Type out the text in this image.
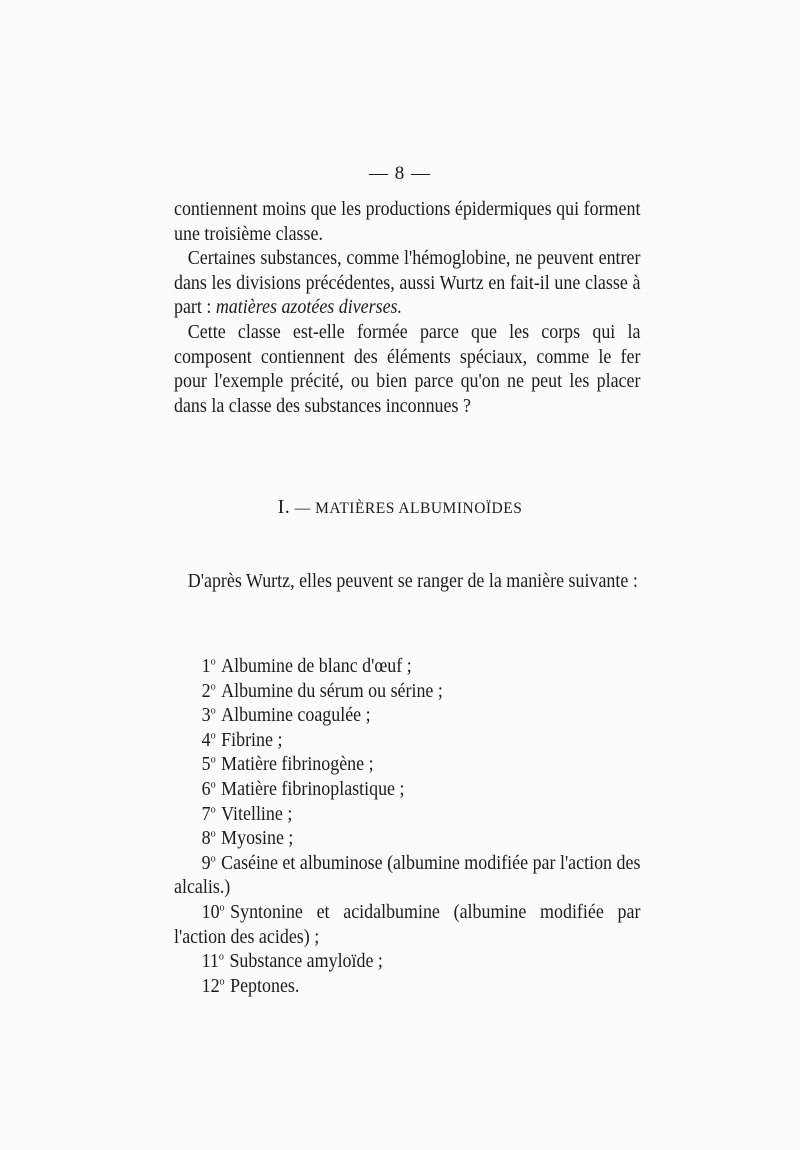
— 8 —

contiennent moins que les productions épidermiques qui forment une troisième classe.

Certaines substances, comme l'hémoglobine, ne peuvent entrer dans les divisions précédentes, aussi Wurtz en fait-il une classe à part : matières azotées diverses.

Cette classe est-elle formée parce que les corps qui la composent contiennent des éléments spéciaux, comme le fer pour l'exemple précité, ou bien parce qu'on ne peut les placer dans la classe des substances inconnues ?

I. — MATIÈRES ALBUMINOÏDES

D'après Wurtz, elles peuvent se ranger de la manière suivante :

1$^o$ Albumine de blanc d'œuf ;

2$^o$ Albumine du sérum ou sérine ;

3$^o$ Albumine coagulée ;

4$^o$ Fibrine ;

5$^o$ Matière fibrinogène ;

6$^o$ Matière fibrinoplastique ;

7$^o$ Vitelline ;

8$^o$ Myosine ;

9$^o$ Caséine et albuminose (albumine modifiée par l'action des alcalis.)

10$^o$ Syntonine et acidalbumine (albumine modifiée par l'action des acides) ;

11$^o$ Substance amyloïde ;

12$^o$ Peptones.
